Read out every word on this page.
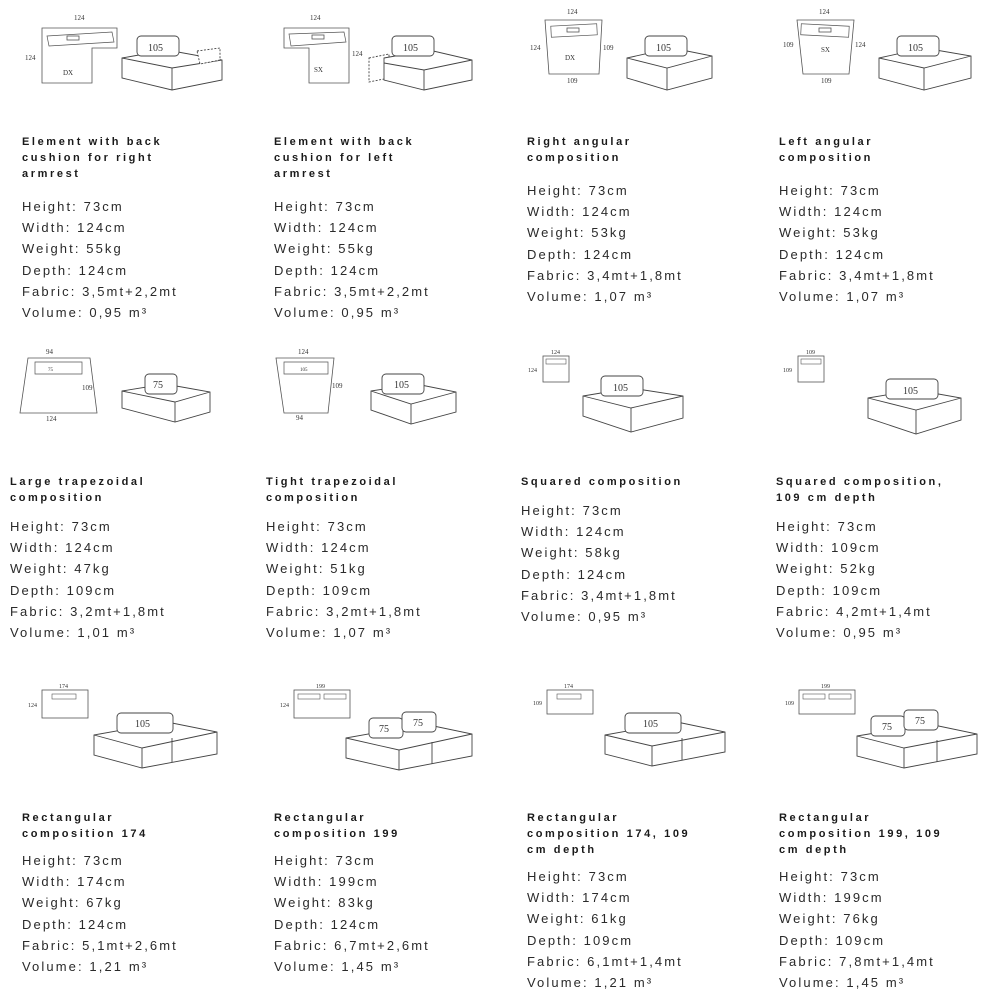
124
124
DX
105
Element with back
cushion for right
armrest
Height: 73cm
Width: 124cm
Weight: 55kg
Depth: 124cm
Fabric: 3,5mt+2,2mt
Volume: 0,95 m³
124
124
SX
105
Element with back
cushion for left
armrest
Height: 73cm
Width: 124cm
Weight: 55kg
Depth: 124cm
Fabric: 3,5mt+2,2mt
Volume: 0,95 m³
124
124	109
109
DX
105
Right angular
composition
Height: 73cm
Width: 124cm
Weight: 53kg
Depth: 124cm
Fabric: 3,4mt+1,8mt
Volume: 1,07 m³
124
109	124
109
SX	105
Left angular
composition
Height: 73cm
Width: 124cm
Weight: 53kg
Depth: 124cm
Fabric: 3,4mt+1,8mt
Volume: 1,07 m³
94
109
124
75
75
Large trapezoidal
composition
Height: 73cm
Width: 124cm
Weight: 47kg
Depth: 109cm
Fabric: 3,2mt+1,8mt
Volume: 1,01 m³
124
109
94
105
105
Tight trapezoidal
composition
Height: 73cm
Width: 124cm
Weight: 51kg
Depth: 109cm
Fabric: 3,2mt+1,8mt
Volume: 1,07 m³
124
124
105
Squared composition
Height: 73cm
Width: 124cm
Weight: 58kg
Depth: 124cm
Fabric: 3,4mt+1,8mt
Volume: 0,95 m³
109
109
105
Squared composition,
109 cm depth
Height: 73cm
Width: 109cm
Weight: 52kg
Depth: 109cm
Fabric: 4,2mt+1,4mt
Volume: 0,95 m³
174
124
105
Rectangular
composition 174
Height: 73cm
Width: 174cm
Weight: 67kg
Depth: 124cm
Fabric: 5,1mt+2,6mt
Volume: 1,21 m³
199
124
75
75
Rectangular
composition 199
Height: 73cm
Width: 199cm
Weight: 83kg
Depth: 124cm
Fabric: 6,7mt+2,6mt
Volume: 1,45 m³
174
109
105
Rectangular
composition 174, 109
cm depth
Height: 73cm
Width: 174cm
Weight: 61kg
Depth: 109cm
Fabric: 6,1mt+1,4mt
Volume: 1,21 m³
199
109
75
75
Rectangular
composition 199, 109
cm depth
Height: 73cm
Width: 199cm
Weight: 76kg
Depth: 109cm
Fabric: 7,8mt+1,4mt
Volume: 1,45 m³
